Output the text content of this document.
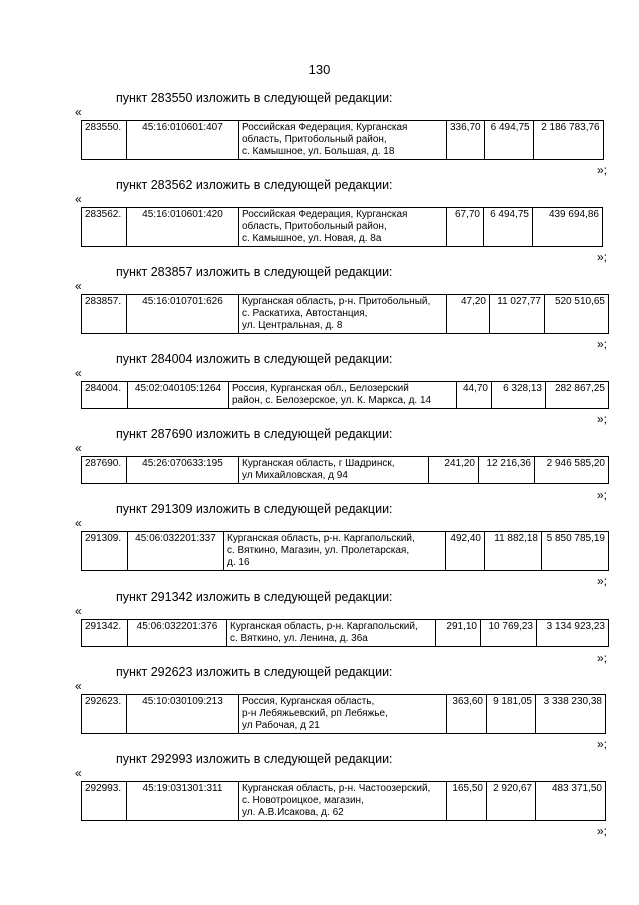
130
пункт 283550 изложить в следующей редакции:
«
283550.	45:16:010601:407	Российская Федерация, Курганская
область, Притобольный район,
с. Камышное, ул. Большая, д. 18	336,70	6 494,75	2 186 783,76
»;
пункт 283562 изложить в следующей редакции:
«
283562.	45:16:010601:420	Российская Федерация, Курганская
область, Притобольный район,
с. Камышное, ул. Новая, д. 8а	67,70	6 494,75	439 694,86
»;
пункт 283857 изложить в следующей редакции:
«
283857.	45:16:010701:626	Курганская область, р-н. Притобольный,
с. Раскатиха, Автостанция,
ул. Центральная, д. 8	47,20	11 027,77	520 510,65
»;
пункт 284004 изложить в следующей редакции:
«
284004.	45:02:040105:1264	Россия, Курганская обл., Белозерский
район, с. Белозерское, ул. К. Маркса, д. 14	44,70	6 328,13	282 867,25
»;
пункт 287690 изложить в следующей редакции:
«
287690.	45:26:070633:195	Курганская область, г Шадринск,
ул Михайловская, д 94	241,20	12 216,36	2 946 585,20
»;
пункт 291309 изложить в следующей редакции:
«
291309.	45:06:032201:337	Курганская область, р-н. Каргапольский,
с. Вяткино, Магазин, ул. Пролетарская,
д. 16	492,40	11 882,18	5 850 785,19
»;
пункт 291342 изложить в следующей редакции:
«
291342.	45:06:032201:376	Курганская область, р-н. Каргапольский,
с. Вяткино, ул. Ленина, д. 36а	291,10	10 769,23	3 134 923,23
»;
пункт 292623 изложить в следующей редакции:
«
292623.	45:10:030109:213	Россия, Курганская область,
р-н Лебяжьевский, рп Лебяжье,
ул Рабочая, д 21	363,60	9 181,05	3 338 230,38
»;
пункт 292993 изложить в следующей редакции:
«
292993.	45:19:031301:311	Курганская область, р-н. Частоозерский,
с. Новотроицкое, магазин,
ул. А.В.Исакова, д. 62	165,50	2 920,67	483 371,50
»;
